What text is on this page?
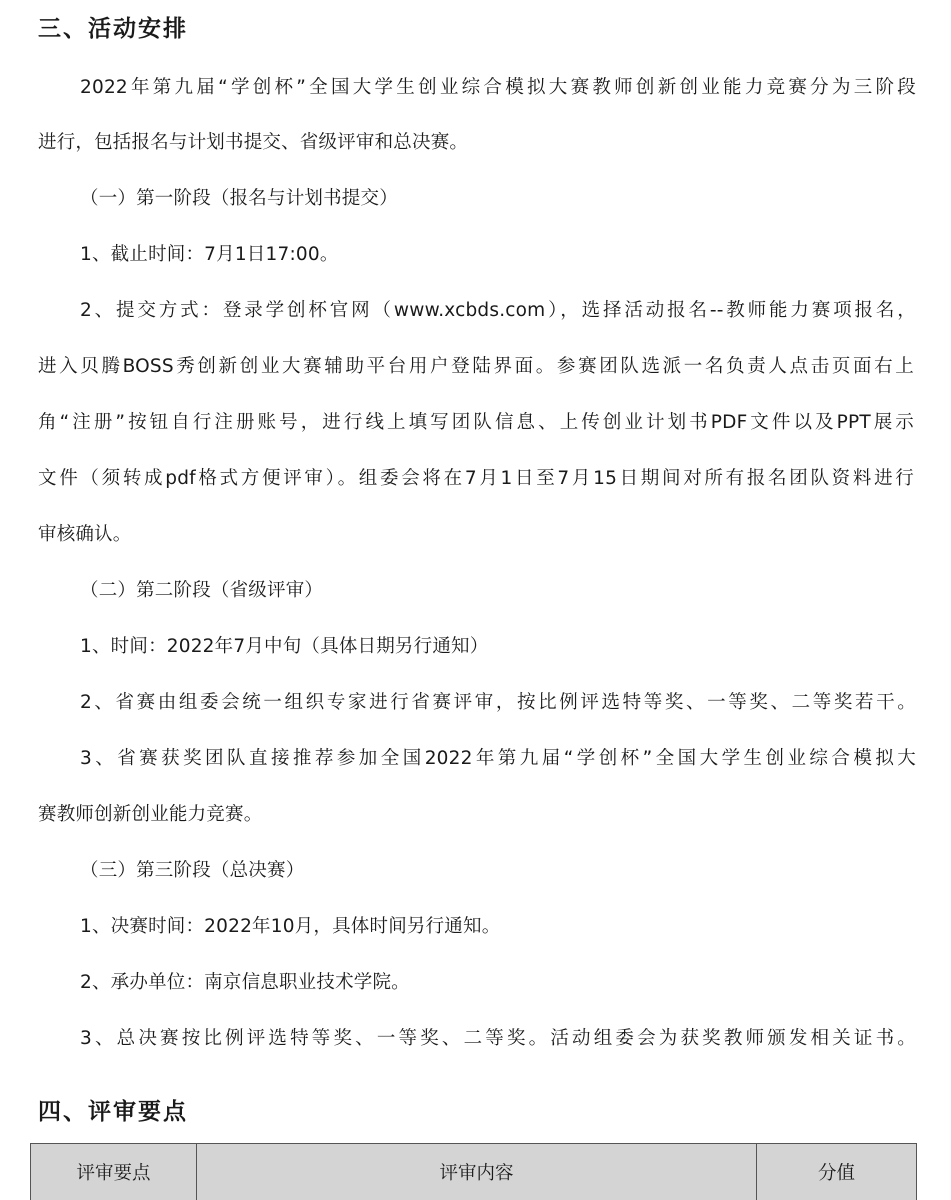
三、活动安排
2022年第九届“学创杯”全国大学生创业综合模拟大赛教师创新创业能力竞赛分为三阶段
进行，包括报名与计划书提交、省级评审和总决赛。
（一）第一阶段（报名与计划书提交）
1、截止时间：7月1日17:00。
2、提交方式：登录学创杯官网（www.xcbds.com），选择活动报名--教师能力赛项报名，
进入贝腾BOSS秀创新创业大赛辅助平台用户登陆界面。参赛团队选派一名负责人点击页面右上
角“注册”按钮自行注册账号，进行线上填写团队信息、上传创业计划书PDF文件以及PPT展示
文件（须转成pdf格式方便评审）。组委会将在7月1日至7月15日期间对所有报名团队资料进行
审核确认。
（二）第二阶段（省级评审）
1、时间：2022年7月中旬（具体日期另行通知）
2、省赛由组委会统一组织专家进行省赛评审，按比例评选特等奖、一等奖、二等奖若干。
3、省赛获奖团队直接推荐参加全国2022年第九届“学创杯”全国大学生创业综合模拟大
赛教师创新创业能力竞赛。
（三）第三阶段（总决赛）
1、决赛时间：2022年10月，具体时间另行通知。
2、承办单位：南京信息职业技术学院。
3、总决赛按比例评选特等奖、一等奖、二等奖。活动组委会为获奖教师颁发相关证书。
四、评审要点
评审要点	评审内容	分值
